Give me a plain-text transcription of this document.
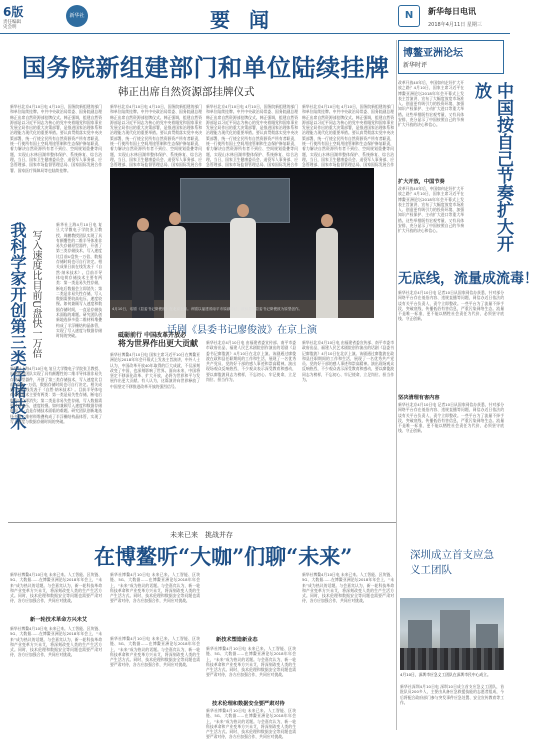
6版
责任编辑
史会明
新华社	要 闻	N	新华每日电讯
2018年4月11日 星期三
国务院新组建部门和单位陆续挂牌
韩正出席自然资源部挂牌仪式
新华社北京4月10日电 4月10日，国务院新组建的部门和单位陆续挂牌。中共中央政治局常委、国务院副总理韩正出席自然资源部挂牌仪式。韩正强调，组建自然资源部是以习近平同志为核心的党中央着眼党和国家事业发展全局作出的重大决策部署，是推进国家治理体系和治理能力现代化的重要举措。要认真贯彻落实党中央决策部署，统一行使全民所有自然资源资产所有者职责，统一行使所有国土空间用途管制和生态保护修复职责，着力解决自然资源所有者不到位、空间规划重叠等问题，实现山水林田湖草整体保护、系统修复、综合治理。当日，国家卫生健康委员会、退役军人事务部、应急管理部、国家市场监督管理总局、国家国际发展合作署、国家医疗保障局等也陆续挂牌。
新华社北京4月10日电 4月10日，国务院新组建的部门和单位陆续挂牌。中共中央政治局常委、国务院副总理韩正出席自然资源部挂牌仪式。韩正强调，组建自然资源部是以习近平同志为核心的党中央着眼党和国家事业发展全局作出的重大决策部署，是推进国家治理体系和治理能力现代化的重要举措。要认真贯彻落实党中央决策部署，统一行使全民所有自然资源资产所有者职责，统一行使所有国土空间用途管制和生态保护修复职责，着力解决自然资源所有者不到位、空间规划重叠等问题，实现山水林田湖草整体保护、系统修复、综合治理。当日，国家卫生健康委员会、退役军人事务部、应急管理部、国家市场监督管理总局、国家国际发展合作
新华社北京4月10日电 4月10日，国务院新组建的部门和单位陆续挂牌。中共中央政治局常委、国务院副总理韩正出席自然资源部挂牌仪式。韩正强调，组建自然资源部是以习近平同志为核心的党中央着眼党和国家事业发展全局作出的重大决策部署，是推进国家治理体系和治理能力现代化的重要举措。要认真贯彻落实党中央决策部署，统一行使全民所有自然资源资产所有者职责，统一行使所有国土空间用途管制和生态保护修复职责，着力解决自然资源所有者不到位、空间规划重叠等问题，实现山水林田湖草整体保护、系统修复、综合治理。当日，国家卫生健康委员会、退役军人事务部、应急管理部、国家市场监督管理总局、国家国际发展合作
新华社北京4月10日电 4月10日，国务院新组建的部门和单位陆续挂牌。中共中央政治局常委、国务院副总理韩正出席自然资源部挂牌仪式。韩正强调，组建自然资源部是以习近平同志为核心的党中央着眼党和国家事业发展全局作出的重大决策部署，是推进国家治理体系和治理能力现代化的重要举措。要认真贯彻落实党中央决策部署，统一行使全民所有自然资源资产所有者职责，统一行使所有国土空间用途管制和生态保护修复职责，着力解决自然资源所有者不到位、空间规划重叠等问题，实现山水林田湖草整体保护、系统修复、综合治理。当日，国家卫生健康委员会、退役军人事务部、应急管理部、国家市场监督管理总局、国家国际发展合作
我科学家开创第三类存储技术 写入速度比目前U盘快一万倍
新华社上海4月10日电 复旦大学微电子学院张卫教授、周鹏教授团队实现了具有颠覆性的二维半导体准非易失存储原型器件，开创了第三类存储技术，写入速度比目前U盘快一万倍，数据存储时间也可自行决定。相关成果日前在线发表于《自然·纳米技术》。目前半导体电荷存储技术主要有两类：第一类是易失性存储，断电后数据会立即消失；第二类是非易失性存储，写入数据需要较高电压，速度较慢。如何兼顾写入速度和数据存储时间，一直是存储技术面临的难题。研究团队创新地选择多重二维材料堆叠构成了半浮栅结构晶体管，实现了写入速度与数据存储时间的突破。
新华社上海4月10日电 复旦大学微电子学院张卫教授、周鹏教授团队实现了具有颠覆性的二维半导体准非易失存储原型器件，开创了第三类存储技术，写入速度比目前U盘快一万倍，数据存储时间也可自行决定。相关成果日前在线发表于《自然·纳米技术》。目前半导体电荷存储技术主要有两类：第一类是易失性存储，断电后数据会立即消失；第二类是非易失性存储，写入数据需要较高电压，速度较慢。如何兼顾写入速度和数据存储时间，一直是存储技术面临的难题。研究团队创新地选择多重二维材料堆叠构成了半浮栅结构晶体管，实现了写入速度与数据存储时间的突破。
4月10日，话剧《县委书记廖俊波》在北京上演。该剧以福建省南平市原副市长、政和县原县委书记廖俊波为原型创作。
话剧《县委书记廖俊波》在京上演
砥砺前行 中国改革开放必
将为世界作出更大贡献
新华社博鳌4月10日电 国家主席习近平10日在博鳌亚洲论坛2018年年会开幕式上发表主旨演讲，中外人士认为，中国改革开放40年取得的巨大成就，不仅深刻改变了中国，也深刻影响了世界。面向未来，中国将坚定不移深化改革、扩大开放，必将为世界和平与发展作出更大贡献。有人认为，这篇演讲向世界释放了中国坚定不移推进改革开放的强烈信号。
新华社北京4月10日电 由福建省委宣传部、南平市委市政府出品，福建人民艺术剧院创作演出的话剧《县委书记廖俊波》4月10日在北京上演。该剧通过廖俊波在政和县任职期间的工作和生活，展现了一名优秀共产党员、党的好干部的感人事迹和崇高精神。演出现场观众反响热烈，不少观众表示深受教育和感动，要以廖俊波同志为榜样，不忘初心、牢记使命，立足岗位、担当作为。
新华社北京4月10日电 由福建省委宣传部、南平市委市政府出品，福建人民艺术剧院创作演出的话剧《县委书记廖俊波》4月10日在北京上演。该剧通过廖俊波在政和县任职期间的工作和生活，展现了一名优秀共产党员、党的好干部的感人事迹和崇高精神。演出现场观众反响热烈，不少观众表示深受教育和感动，要以廖俊波同志为榜样，不忘初心、牢记使命，立足岗位、担当作为。
博鳌亚洲论坛
新华时评
中国按自己节奏扩大开放
改革开放40年后，中国如何走好扩大开放之路？4月10日，国家主席习近平在博鳌亚洲论坛2018年年会开幕式上发表主旨演讲，宣布了大幅度放宽市场准入、创造更有吸引力的投资环境、加强知识产权保护、主动扩大进口等重大举措。这些举措既有宏观考量，又有具体安排，充分显示了中国按照自己的节奏扩大开放的决心和信心。
扩大开放，中国节奏
改革开放40年后，中国如何走好扩大开放之路？4月10日，国家主席习近平在博鳌亚洲论坛2018年年会开幕式上发表主旨演讲，宣布了大幅度放宽市场准入、创造更有吸引力的投资环境、加强知识产权保护、主动扩大进口等重大举措。这些举措既有宏观考量，又有具体安排，充分显示了中国按照自己的节奏扩大开放的决心和信心。
无底线，流量成流毒！
新华社北京4月10日电 记者10日从国家网信办获悉，针对部分网络平台存在低俗内容、违规直播等问题，网信办近日依法约谈有关平台负责人，责令立即整改。一些平台为了流量不择手段，突破底线，传播低俗有害信息，严重污染网络生态。流量不是唯一标准，更不能以牺牲社会责任为代价，必须坚守底线、守正创新。
坚决清理有害内容
新华社北京4月10日电 记者10日从国家网信办获悉，针对部分网络平台存在低俗内容、违规直播等问题，网信办近日依法约谈有关平台负责人，责令立即整改。一些平台为了流量不择手段，突破底线，传播低俗有害信息，严重污染网络生态。流量不是唯一标准，更不能以牺牲社会责任为代价，必须坚守底线、守正创新。
深圳成立首支应急义工团队
4月10日，深圳市应急义工团队在深圳市民中心成立。
新华社深圳4月10日电 深圳10日成立首支应急义工团队，首批队员200多人，主要由具备应急救援技能的志愿者组成，今后将配合政府部门参与突发事件应急处置、安全宣传教育等工作。
未来已来　挑战并存
在博鳌听“大咖”们聊“未来”
新华社博鳌4月10日电 未来已来。人工智能、区块链、5G、大数据……在博鳌亚洲论坛2018年年会上，“未来”成为热议的话题。与会嘉宾认为，新一轮科技革命和产业变革方兴未艾，将深刻改变人类的生产生活方式。同时，技术伦理和数据安全等问题也需要严肃对待，各方应加强合作，共同应对挑战。
新一轮技术革命方兴未艾
新华社博鳌4月10日电 未来已来。人工智能、区块链、5G、大数据……在博鳌亚洲论坛2018年年会上，“未来”成为热议的话题。与会嘉宾认为，新一轮科技革命和产业变革方兴未艾，将深刻改变人类的生产生活方式。同时，技术伦理和数据安全等问题也需要严肃对待，各方应加强合作，共同应对挑战。
新华社博鳌4月10日电 未来已来。人工智能、区块链、5G、大数据……在博鳌亚洲论坛2018年年会上，“未来”成为热议的话题。与会嘉宾认为，新一轮科技革命和产业变革方兴未艾，将深刻改变人类的生产生活方式。同时，技术伦理和数据安全等问题也需要严肃对待，各方应加强合作，共同应对挑战。
新技术塑造新业态
新华社博鳌4月10日电 未来已来。人工智能、区块链、5G、大数据……在博鳌亚洲论坛2018年年会上，“未来”成为热议的话题。与会嘉宾认为，新一轮科技革命和产业变革方兴未艾，将深刻改变人类的生产生活方式。同时，技术伦理和数据安全等问题也需要严肃对待，各方应加强合作，共同应对挑战。
新华社博鳌4月10日电 未来已来。人工智能、区块链、5G、大数据……在博鳌亚洲论坛2018年年会上，“未来”成为热议的话题。与会嘉宾认为，新一轮科技革命和产业变革方兴未艾，将深刻改变人类的生产生活方式。同时，技术伦理和数据安全等问题也需要严肃对待，各方应加强合作，共同应对挑战。
技术伦理和数据安全要严肃对待
新华社博鳌4月10日电 未来已来。人工智能、区块链、5G、大数据……在博鳌亚洲论坛2018年年会上，“未来”成为热议的话题。与会嘉宾认为，新一轮科技革命和产业变革方兴未艾，将深刻改变人类的生产生活方式。同时，技术伦理和数据安全等问题也需要严肃对待，各方应加强合作，共同应对挑战。
新华社博鳌4月10日电 未来已来。人工智能、区块链、5G、大数据……在博鳌亚洲论坛2018年年会上，“未来”成为热议的话题。与会嘉宾认为，新一轮科技革命和产业变革方兴未艾，将深刻改变人类的生产生活方式。同时，技术伦理和数据安全等问题也需要严肃对待，各方应加强合作，共同应对挑战。
